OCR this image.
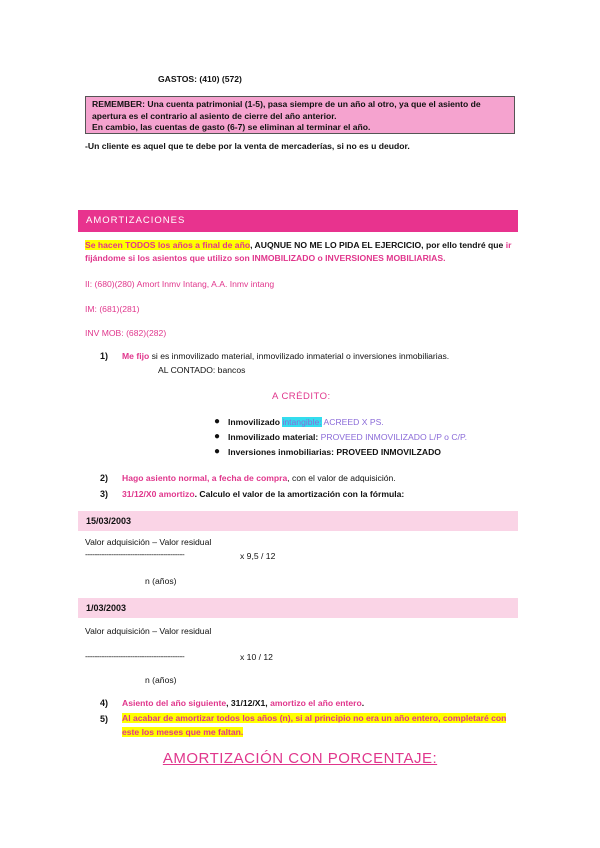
GASTOS: (410) (572)
REMEMBER: Una cuenta patrimonial (1-5), pasa siempre de un año al otro, ya que el asiento de
apertura es el contrario al asiento de cierre del año anterior.
En cambio, las cuentas de gasto (6-7) se eliminan al terminar el año.
-Un cliente es aquel que te debe por la venta de mercaderías, si no es u deudor.
AMORTIZACIONES
Se hacen TODOS los años a final de año, AUQNUE NO ME LO PIDA EL EJERCICIO, por ello tendré que ir
fijándome si los asientos que utilizo son INMOBILIZADO o INVERSIONES MOBILIARIAS.
II: (680)(280) Amort Inmv Intang, A.A. Inmv intang
IM: (681)(281)
INV MOB: (682)(282)
1) Me fijo si es inmovilizado material, inmovilizado inmaterial o inversiones inmobiliarias.
AL CONTADO: bancos
A CRÉDITO:
● Inmovilizado intangible: ACREED X PS.
● Inmovilizado material: PROVEED INMOVILIZADO L/P o C/P.
● Inversiones inmobiliarias: PROVEED INMOVILZADO
2) Hago asiento normal, a fecha de compra, con el valor de adquisición.
3) 31/12/X0 amortizo. Calculo el valor de la amortización con la fórmula:
15/03/2003
Valor adquisición – Valor residual
------------------------------------------	x 9,5 / 12
n (años)
1/03/2003
Valor adquisición – Valor residual
------------------------------------------	x 10 / 12
n (años)
4) Asiento del año siguiente, 31/12/X1, amortizo el año entero.
5) Al acabar de amortizar todos los años (n), si al principio no era un año entero, completaré con
este los meses que me faltan.
AMORTIZACIÓN CON PORCENTAJE:
